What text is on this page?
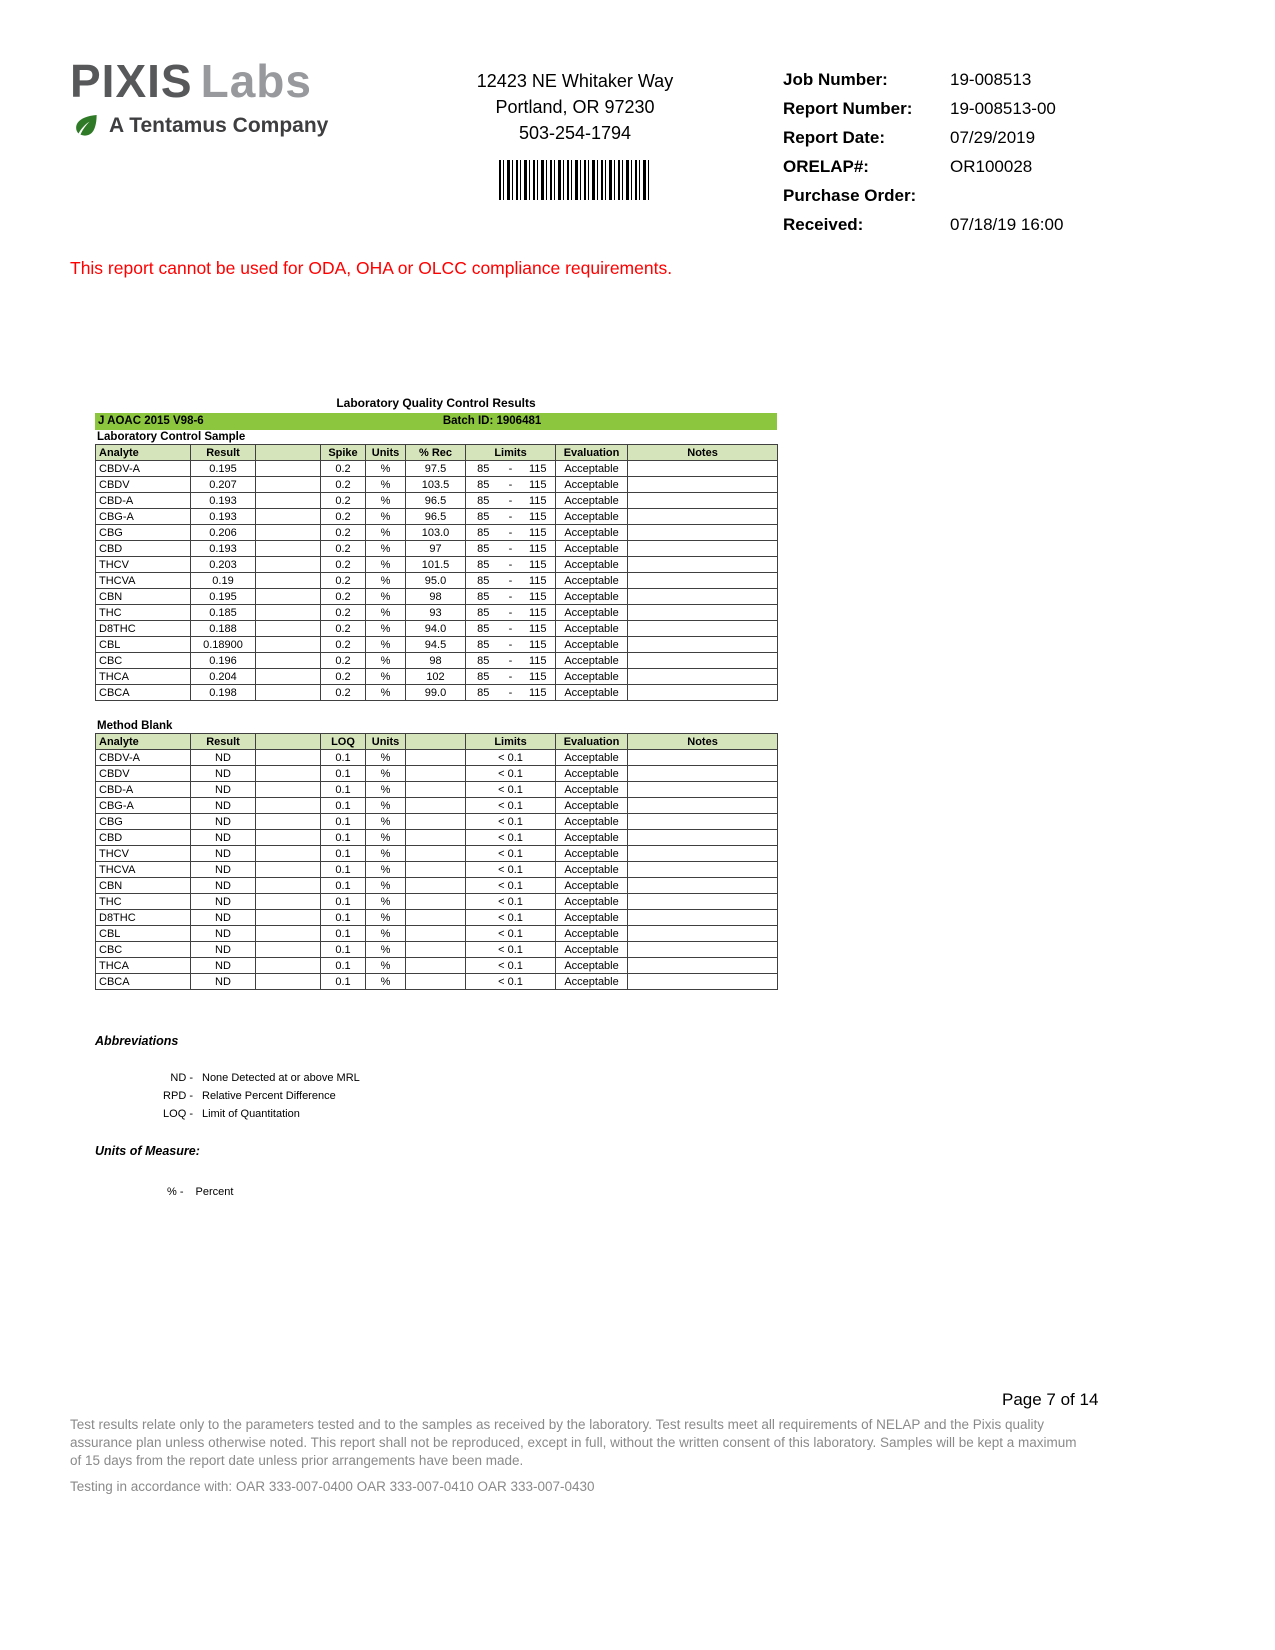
PIXIS Labs
A Tentamus Company
12423 NE Whitaker Way
Portland, OR 97230
503-254-1794
Job Number:	19-008513
Report Number:	19-008513-00
Report Date:	07/29/2019
ORELAP#:	OR100028
Purchase Order:
Received:	07/18/19 16:00
This report cannot be used for ODA, OHA or OLCC compliance requirements.
Laboratory Quality Control Results
J AOAC 2015 V98-6	Batch ID: 1906481
Laboratory Control Sample
Analyte	Result		Spike	Units	% Rec	Limits			Evaluation	Notes
CBDV-A	0.195		0.2	%	97.5	85	-	115	Acceptable	
CBDV	0.207		0.2	%	103.5	85	-	115	Acceptable	
CBD-A	0.193		0.2	%	96.5	85	-	115	Acceptable	
CBG-A	0.193		0.2	%	96.5	85	-	115	Acceptable	
CBG	0.206		0.2	%	103.0	85	-	115	Acceptable	
CBD	0.193		0.2	%	97	85	-	115	Acceptable	
THCV	0.203		0.2	%	101.5	85	-	115	Acceptable	
THCVA	0.19		0.2	%	95.0	85	-	115	Acceptable	
CBN	0.195		0.2	%	98	85	-	115	Acceptable	
THC	0.185		0.2	%	93	85	-	115	Acceptable	
D8THC	0.188		0.2	%	94.0	85	-	115	Acceptable	
CBL	0.18900		0.2	%	94.5	85	-	115	Acceptable	
CBC	0.196		0.2	%	98	85	-	115	Acceptable	
THCA	0.204		0.2	%	102	85	-	115	Acceptable	
CBCA	0.198		0.2	%	99.0	85	-	115	Acceptable	
Method Blank
Analyte	Result		LOQ	Units		Limits	Evaluation	Notes
CBDV-A	ND		0.1	%		< 0.1	Acceptable	
CBDV	ND		0.1	%		< 0.1	Acceptable	
CBD-A	ND		0.1	%		< 0.1	Acceptable	
CBG-A	ND		0.1	%		< 0.1	Acceptable	
CBG	ND		0.1	%		< 0.1	Acceptable	
CBD	ND		0.1	%		< 0.1	Acceptable	
THCV	ND		0.1	%		< 0.1	Acceptable	
THCVA	ND		0.1	%		< 0.1	Acceptable	
CBN	ND		0.1	%		< 0.1	Acceptable	
THC	ND		0.1	%		< 0.1	Acceptable	
D8THC	ND		0.1	%		< 0.1	Acceptable	
CBL	ND		0.1	%		< 0.1	Acceptable	
CBC	ND		0.1	%		< 0.1	Acceptable	
THCA	ND		0.1	%		< 0.1	Acceptable	
CBCA	ND		0.1	%		< 0.1	Acceptable	
Abbreviations
ND - None Detected at or above MRL
RPD - Relative Percent Difference
LOQ - Limit of Quantitation
Units of Measure:
% - Percent
Page 7 of 14
Test results relate only to the parameters tested and to the samples as received by the laboratory. Test results meet all requirements of NELAP and the Pixis quality assurance plan unless otherwise noted. This report shall not be reproduced, except in full, without the written consent of this laboratory. Samples will be kept a maximum of 15 days from the report date unless prior arrangements have been made.
Testing in accordance with: OAR 333-007-0400 OAR 333-007-0410 OAR 333-007-0430
